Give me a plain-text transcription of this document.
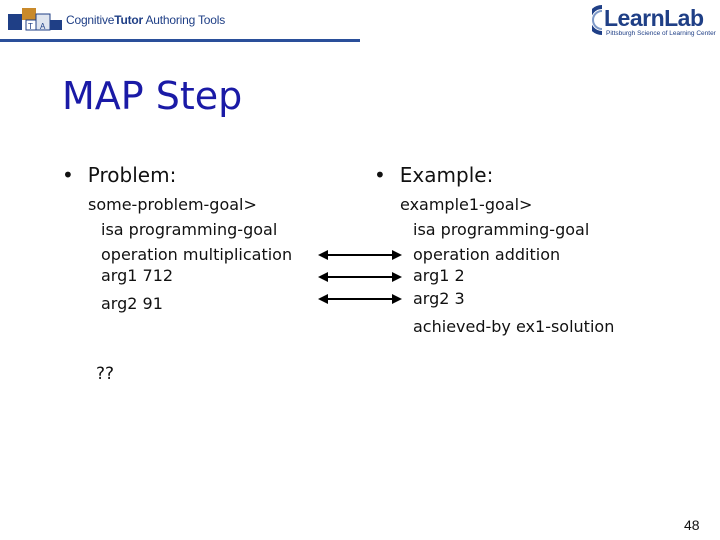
T A CognitiveTutor Authoring Tools	LearnLab
Pittsburgh Science of Learning Center
MAP Step
• Problem:
some-problem-goal>
isa programming-goal
operation multiplication
arg1 712
arg2 91
• Example:
example1-goal>
isa programming-goal
operation addition
arg1 2
arg2 3
achieved-by ex1-solution
??
48
